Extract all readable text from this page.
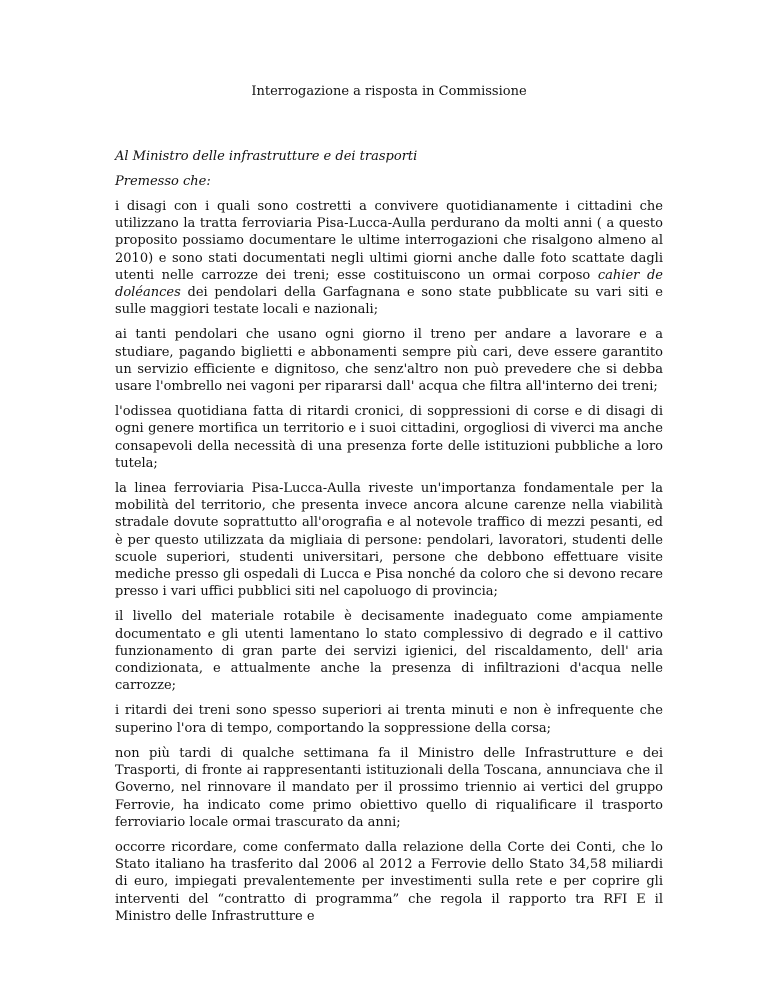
Interrogazione a risposta in Commissione

Al Ministro delle infrastrutture e dei trasporti

Premesso che:

i disagi con i quali sono costretti a convivere quotidianamente i cittadini che utilizzano la tratta ferroviaria Pisa-Lucca-Aulla perdurano da molti anni ( a questo proposito possiamo documentare le ultime interrogazioni che risalgono almeno al 2010) e sono stati documentati negli ultimi giorni anche dalle foto scattate dagli utenti nelle carrozze dei treni; esse costituiscono un ormai corposo cahier de doléances dei pendolari della Garfagnana e sono state pubblicate su vari siti e sulle maggiori testate locali e nazionali;

ai tanti pendolari che usano ogni giorno il treno per andare a lavorare e a studiare, pagando biglietti e abbonamenti sempre più cari, deve essere garantito un servizio efficiente e dignitoso, che senz'altro non può prevedere che si debba usare l'ombrello nei vagoni per ripararsi dall' acqua che filtra all'interno dei treni;

l'odissea quotidiana fatta di ritardi cronici, di soppressioni di corse e di disagi di ogni genere mortifica un territorio e i suoi cittadini, orgogliosi di viverci ma anche consapevoli della necessità di una presenza forte delle istituzioni pubbliche a loro tutela;

la linea ferroviaria Pisa-Lucca-Aulla riveste un'importanza fondamentale per la mobilità del territorio, che presenta invece ancora alcune carenze nella viabilità stradale dovute soprattutto all'orografia e al notevole traffico di mezzi pesanti, ed è per questo utilizzata da migliaia di persone: pendolari, lavoratori, studenti delle scuole superiori, studenti universitari, persone che debbono effettuare visite mediche presso gli ospedali di Lucca e Pisa nonché da coloro che si devono recare presso i vari uffici pubblici siti nel capoluogo di provincia;

il livello del materiale rotabile è decisamente inadeguato come ampiamente documentato e gli utenti lamentano lo stato complessivo di degrado e il cattivo funzionamento di gran parte dei servizi igienici, del riscaldamento, dell' aria condizionata, e attualmente anche la presenza di infiltrazioni d'acqua nelle carrozze;

i ritardi dei treni sono spesso superiori ai trenta minuti e non è infrequente che superino l'ora di tempo, comportando la soppressione della corsa;

non più tardi di qualche settimana fa il Ministro delle Infrastrutture e dei Trasporti, di fronte ai rappresentanti istituzionali della Toscana, annunciava che il Governo, nel rinnovare il mandato per il prossimo triennio ai vertici del gruppo Ferrovie, ha indicato come primo obiettivo quello di riqualificare il trasporto ferroviario locale ormai trascurato da anni;

occorre ricordare, come confermato dalla relazione della Corte dei Conti, che lo Stato italiano ha trasferito dal 2006 al 2012 a Ferrovie dello Stato 34,58 miliardi di euro, impiegati prevalentemente per investimenti sulla rete e per coprire gli interventi del “contratto di programma” che regola il rapporto tra RFI E il Ministro delle Infrastrutture e
